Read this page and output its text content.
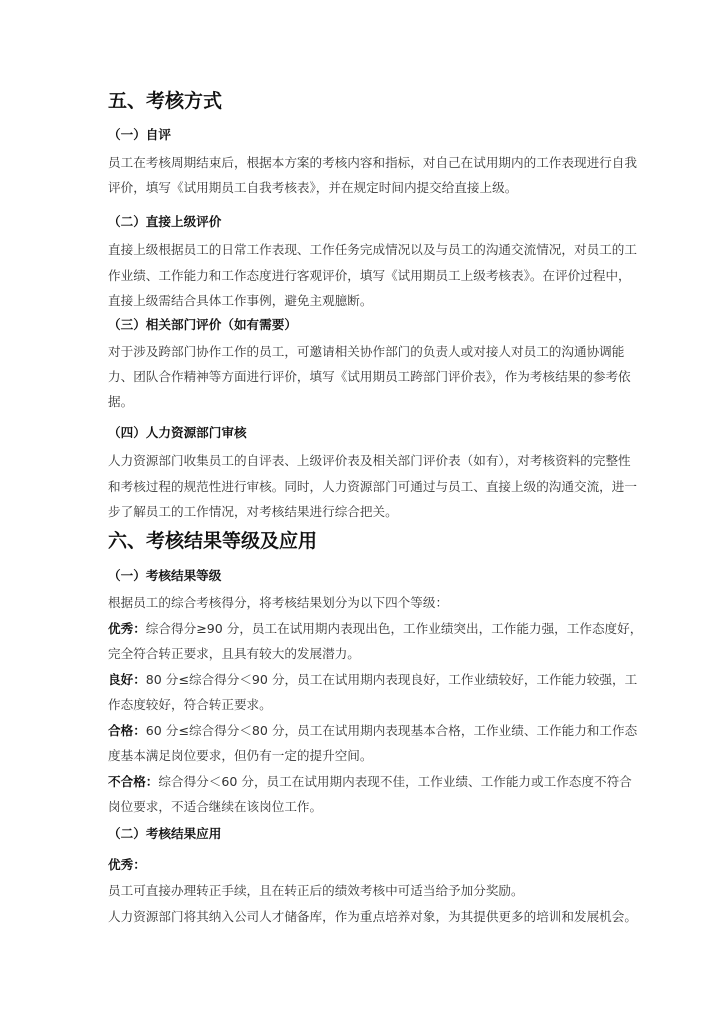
五、考核方式
（一）自评
员工在考核周期结束后，根据本方案的考核内容和指标，对自己在试用期内的工作表现进行自我
评价，填写《试用期员工自我考核表》，并在规定时间内提交给直接上级。
（二）直接上级评价
直接上级根据员工的日常工作表现、工作任务完成情况以及与员工的沟通交流情况，对员工的工
作业绩、工作能力和工作态度进行客观评价，填写《试用期员工上级考核表》。在评价过程中，
直接上级需结合具体工作事例，避免主观臆断。
（三）相关部门评价（如有需要）
对于涉及跨部门协作工作的员工，可邀请相关协作部门的负责人或对接人对员工的沟通协调能
力、团队合作精神等方面进行评价，填写《试用期员工跨部门评价表》，作为考核结果的参考依
据。
（四）人力资源部门审核
人力资源部门收集员工的自评表、上级评价表及相关部门评价表（如有），对考核资料的完整性
和考核过程的规范性进行审核。同时，人力资源部门可通过与员工、直接上级的沟通交流，进一
步了解员工的工作情况，对考核结果进行综合把关。
六、考核结果等级及应用
（一）考核结果等级
根据员工的综合考核得分，将考核结果划分为以下四个等级：
优秀：综合得分≥90 分，员工在试用期内表现出色，工作业绩突出，工作能力强，工作态度好，
完全符合转正要求，且具有较大的发展潜力。
良好：80 分≤综合得分＜90 分，员工在试用期内表现良好，工作业绩较好，工作能力较强，工
作态度较好，符合转正要求。
合格：60 分≤综合得分＜80 分，员工在试用期内表现基本合格，工作业绩、工作能力和工作态
度基本满足岗位要求，但仍有一定的提升空间。
不合格：综合得分＜60 分，员工在试用期内表现不佳，工作业绩、工作能力或工作态度不符合
岗位要求，不适合继续在该岗位工作。
（二）考核结果应用
优秀：
员工可直接办理转正手续，且在转正后的绩效考核中可适当给予加分奖励。
人力资源部门将其纳入公司人才储备库，作为重点培养对象，为其提供更多的培训和发展机会。
